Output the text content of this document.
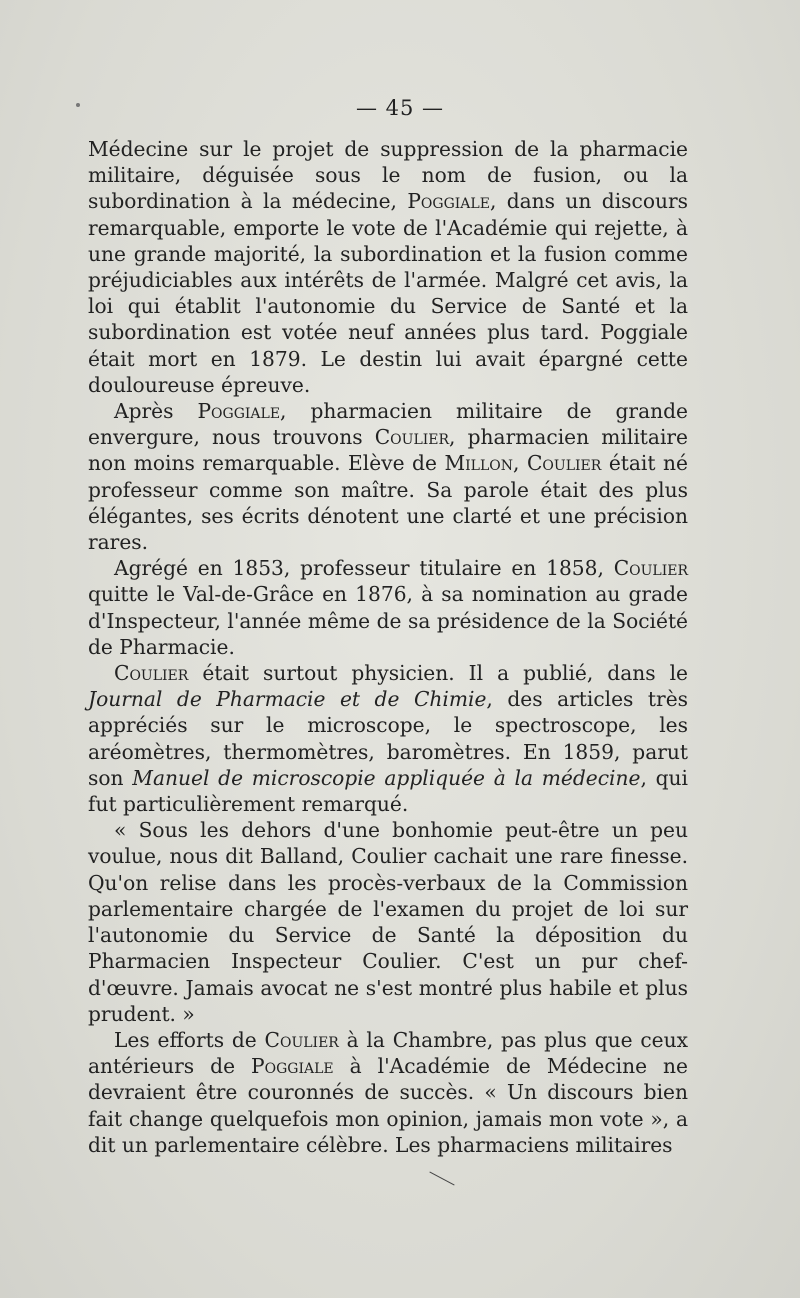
— 45 —

Médecine sur le projet de suppression de la pharmacie militaire, déguisée sous le nom de fusion, ou la subordination à la médecine, Poggiale, dans un discours remarquable, emporte le vote de l'Académie qui rejette, à une grande majorité, la subordination et la fusion comme préjudiciables aux intérêts de l'armée. Malgré cet avis, la loi qui établit l'autonomie du Service de Santé et la subordination est votée neuf années plus tard. Poggiale était mort en 1879. Le destin lui avait épargné cette douloureuse épreuve.

Après Poggiale, pharmacien militaire de grande envergure, nous trouvons Coulier, pharmacien militaire non moins remarquable. Elève de Millon, Coulier était né professeur comme son maître. Sa parole était des plus élégantes, ses écrits dénotent une clarté et une précision rares.

Agrégé en 1853, professeur titulaire en 1858, Coulier quitte le Val-de-Grâce en 1876, à sa nomination au grade d'Inspecteur, l'année même de sa présidence de la Société de Pharmacie.

Coulier était surtout physicien. Il a publié, dans le Journal de Pharmacie et de Chimie, des articles très appréciés sur le microscope, le spectroscope, les aréomètres, thermomètres, baromètres. En 1859, parut son Manuel de microscopie appliquée à la médecine, qui fut particulièrement remarqué.

« Sous les dehors d'une bonhomie peut-être un peu voulue, nous dit Balland, Coulier cachait une rare finesse. Qu'on relise dans les procès-verbaux de la Commission parlementaire chargée de l'examen du projet de loi sur l'autonomie du Service de Santé la déposition du Pharmacien Inspecteur Coulier. C'est un pur chef-d'œuvre. Jamais avocat ne s'est montré plus habile et plus prudent. »

Les efforts de Coulier à la Chambre, pas plus que ceux antérieurs de Poggiale à l'Académie de Médecine ne devraient être couronnés de succès. « Un discours bien fait change quelquefois mon opinion, jamais mon vote », a dit un parlementaire célèbre. Les pharmaciens militaires
